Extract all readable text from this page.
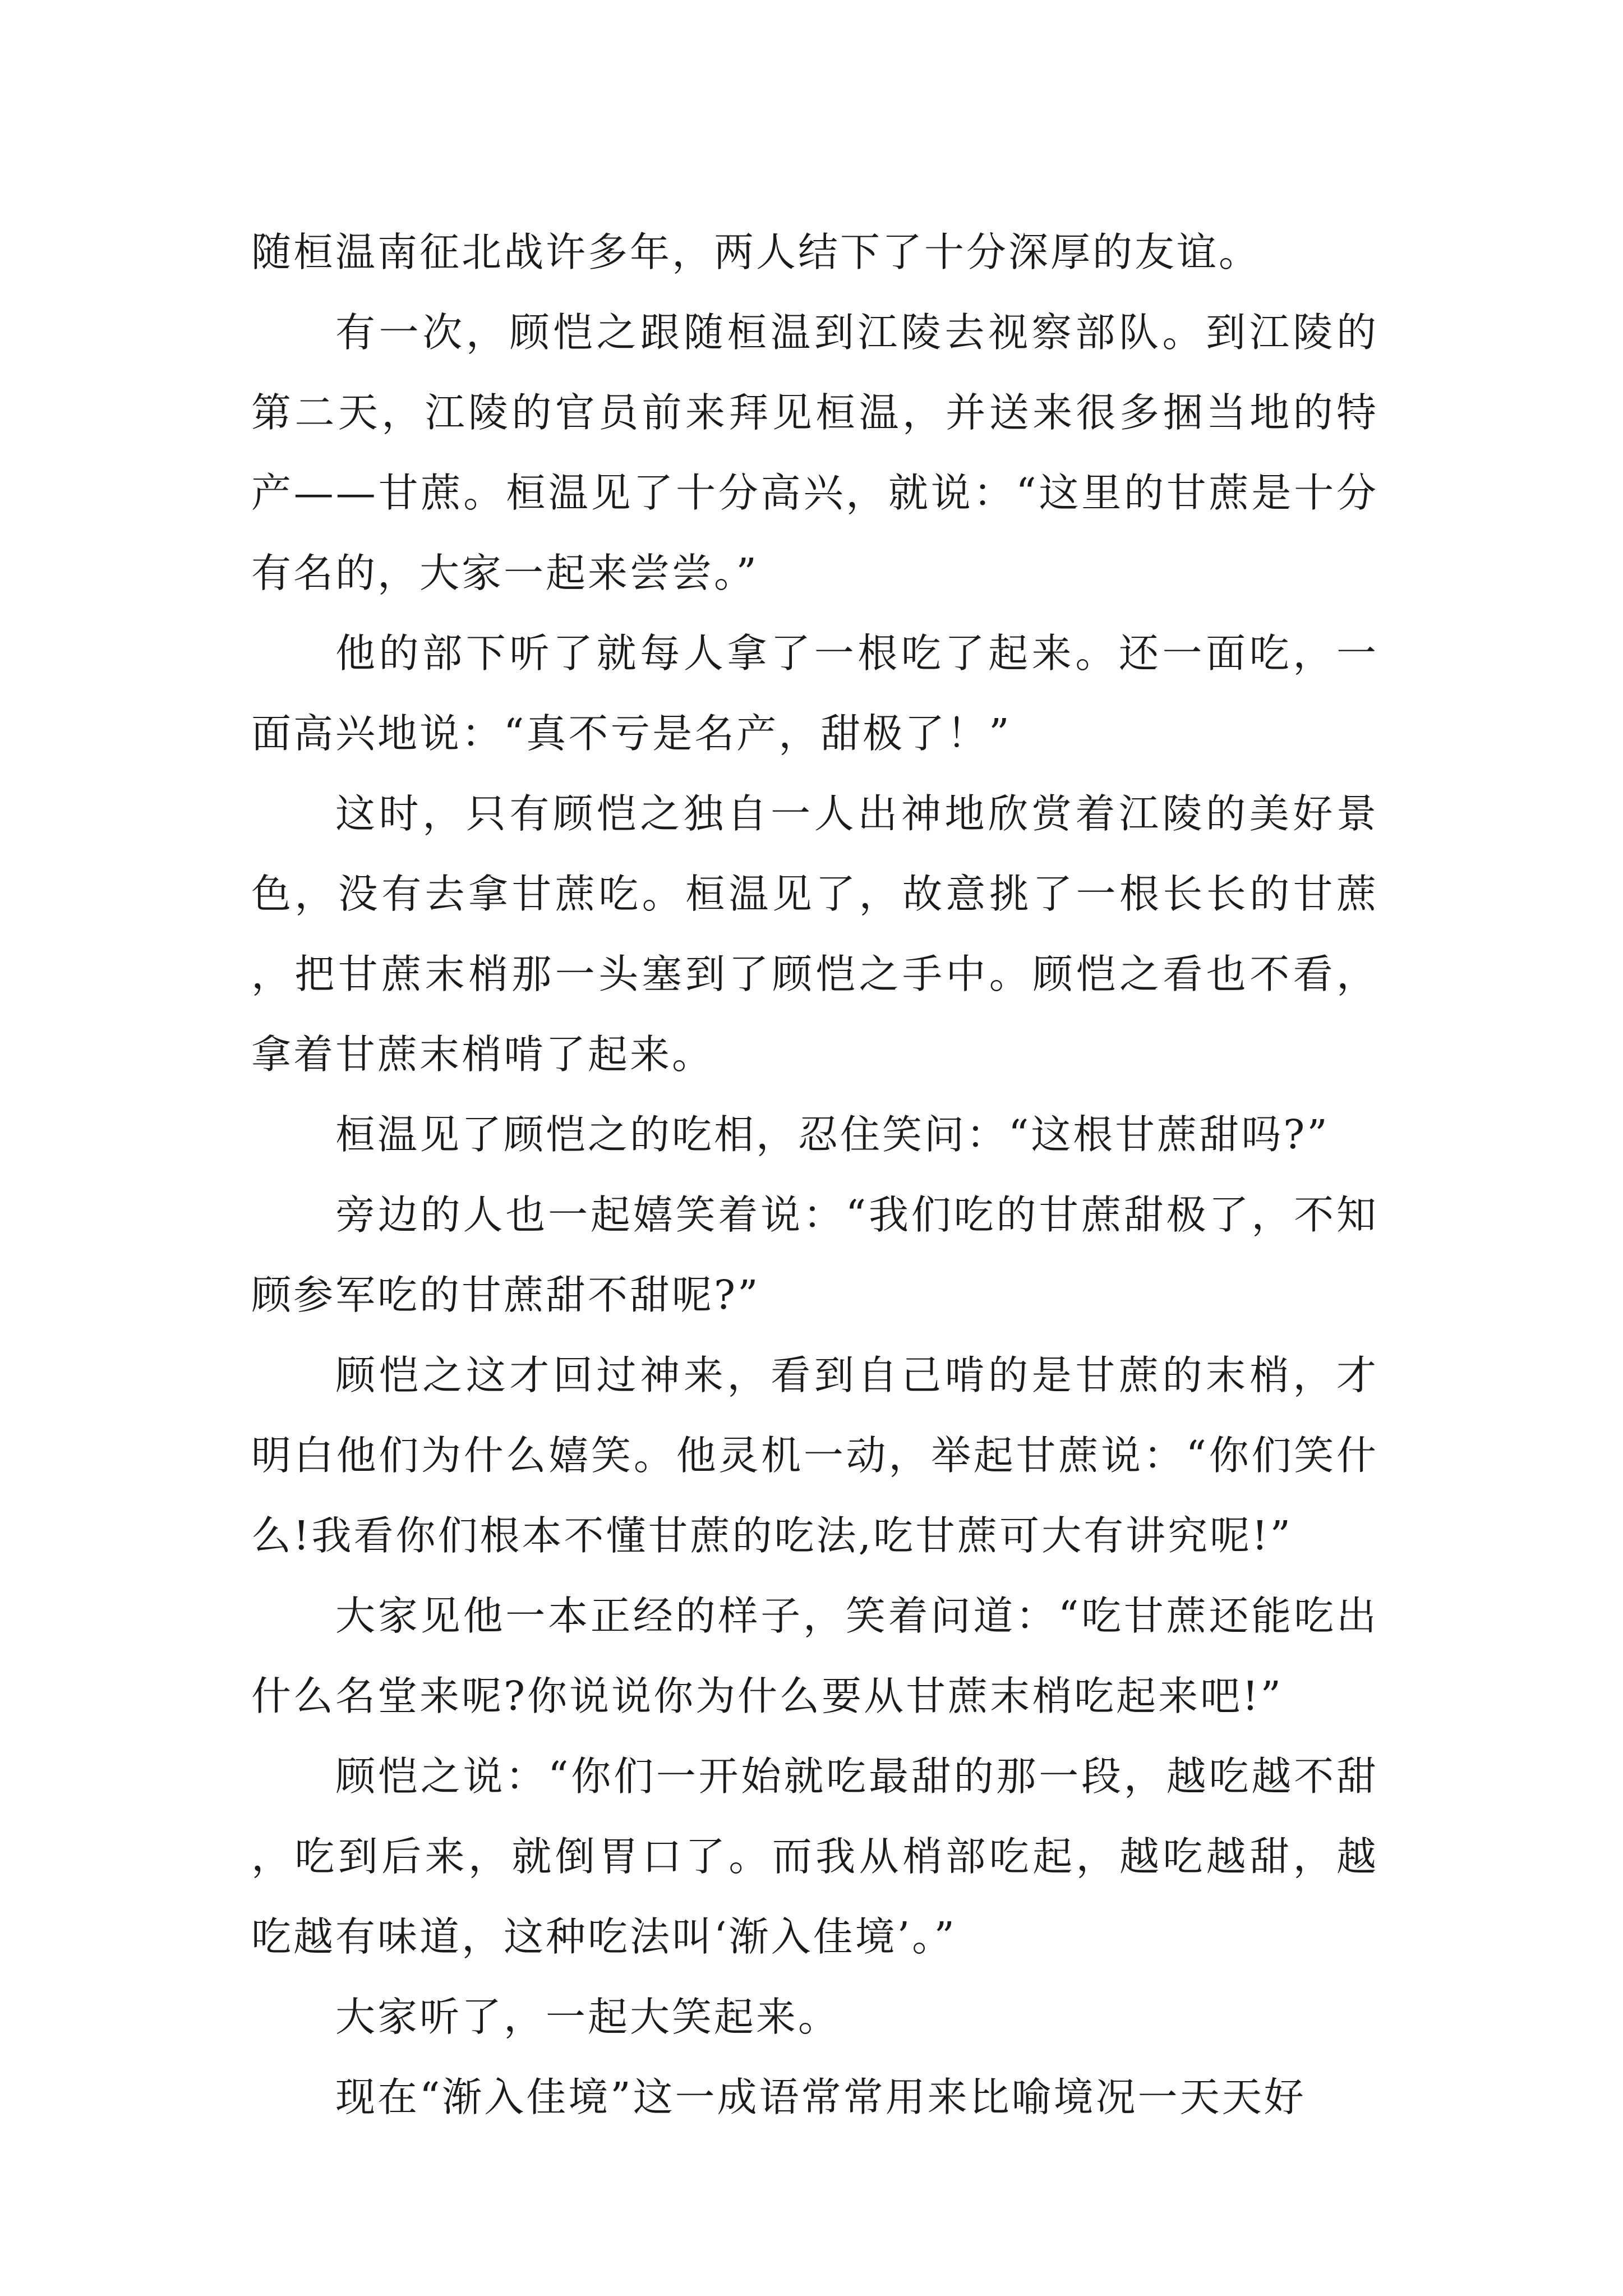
随桓温南征北战许多年，两人结下了十分深厚的友谊。

有一次，顾恺之跟随桓温到江陵去视察部队。到江陵的第二天，江陵的官员前来拜见桓温，并送来很多捆当地的特产——甘蔗。桓温见了十分高兴，就说：“这里的甘蔗是十分有名的，大家一起来尝尝。”

他的部下听了就每人拿了一根吃了起来。还一面吃，一面高兴地说：“真不亏是名产，甜极了！”

这时，只有顾恺之独自一人出神地欣赏着江陵的美好景色，没有去拿甘蔗吃。桓温见了，故意挑了一根长长的甘蔗，把甘蔗末梢那一头塞到了顾恺之手中。顾恺之看也不看，拿着甘蔗末梢啃了起来。

桓温见了顾恺之的吃相，忍住笑问：“这根甘蔗甜吗?”

旁边的人也一起嬉笑着说：“我们吃的甘蔗甜极了，不知顾参军吃的甘蔗甜不甜呢?”

顾恺之这才回过神来，看到自己啃的是甘蔗的末梢，才明白他们为什么嬉笑。他灵机一动，举起甘蔗说：“你们笑什么!我看你们根本不懂甘蔗的吃法,吃甘蔗可大有讲究呢!”

大家见他一本正经的样子，笑着问道：“吃甘蔗还能吃出什么名堂来呢?你说说你为什么要从甘蔗末梢吃起来吧!”

顾恺之说：“你们一开始就吃最甜的那一段，越吃越不甜，吃到后来，就倒胃口了。而我从梢部吃起，越吃越甜，越吃越有味道，这种吃法叫‘渐入佳境’。”

大家听了，一起大笑起来。

现在“渐入佳境”这一成语常常用来比喻境况一天天好
